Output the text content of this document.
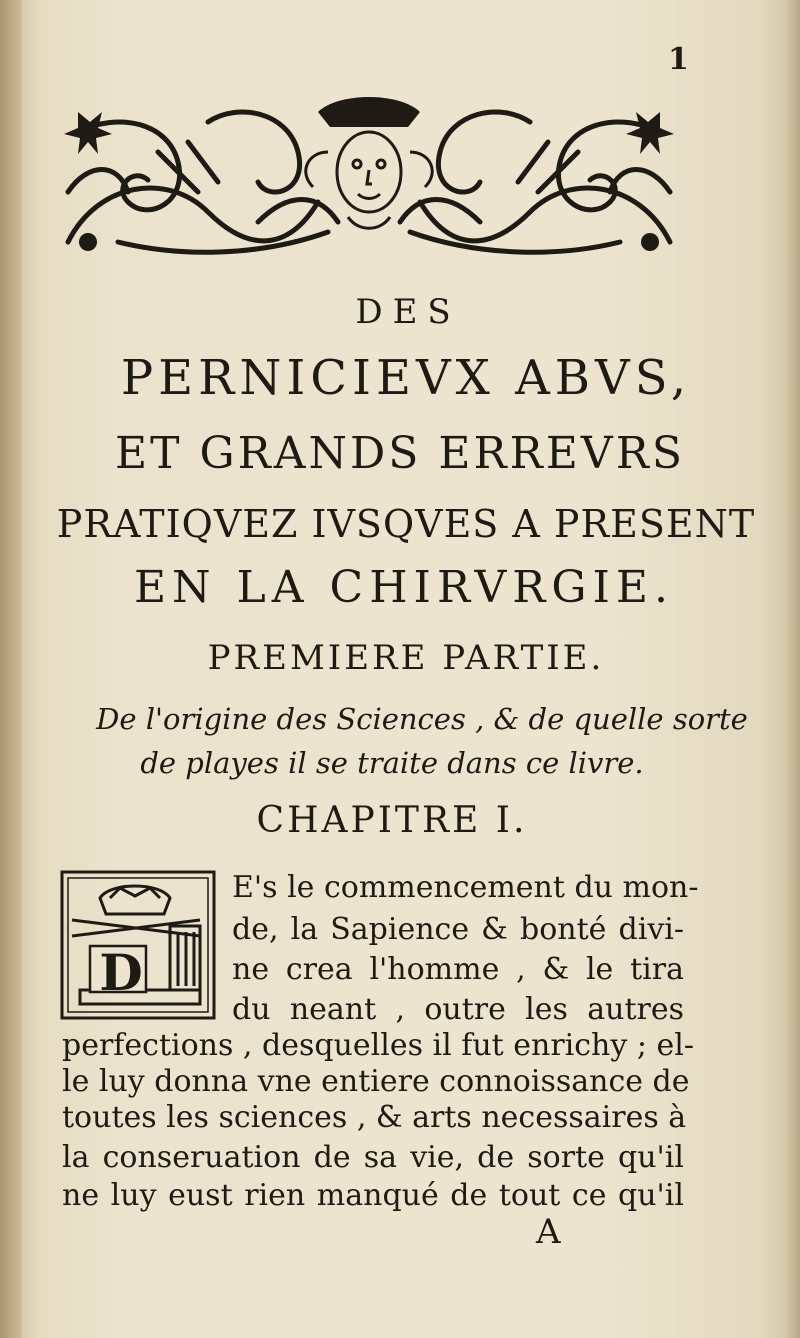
1
DES
PERNICIEVX ABVS,
ET GRANDS ERREVRS
PRATIQVEZ IVSQVES A PRESENT
EN LA CHIRVRGIE.
PREMIERE PARTIE.
De l'origine des Sciences , & de quelle sorte
de playes il se traite dans ce livre.
CHAPITRE I.
D
E's le commencement du mon-
de, la Sapience & bonté divi-
ne crea l'homme , & le tira
du neant , outre les autres
perfections , desquelles il fut enrichy ; el-
le luy donna vne entiere connoissance de
toutes les sciences , & arts necessaires à
la conseruation de sa vie, de sorte qu'il
ne luy eust rien manqué de tout ce qu'il
A
